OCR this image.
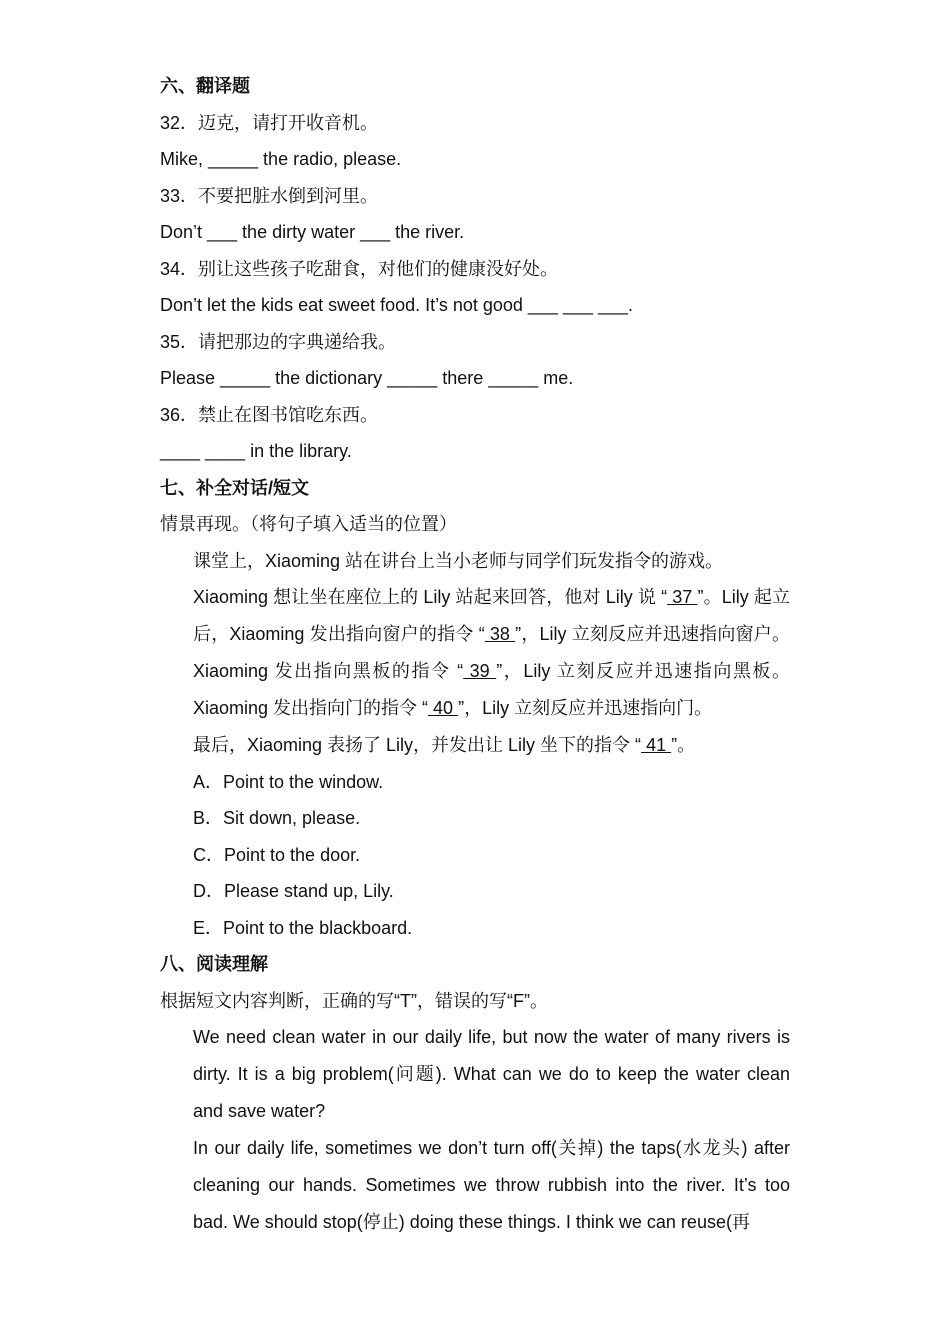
六、翻译题
32．迈克，请打开收音机。
Mike, _____ the radio, please.
33．不要把脏水倒到河里。
Don’t ___ the dirty water ___ the river.
34．别让这些孩子吃甜食，对他们的健康没好处。
Don’t let the kids eat sweet food. It’s not good ___ ___ ___.
35．请把那边的字典递给我。
Please _____ the dictionary _____ there _____ me.
36．禁止在图书馆吃东西。
____ ____ in the library.
七、补全对话/短文
情景再现。（将句子填入适当的位置）
课堂上，Xiaoming 站在讲台上当小老师与同学们玩发指令的游戏。
Xiaoming 想让坐在座位上的 Lily 站起来回答，他对 Lily 说 “ 37 ”。Lily 起立后，Xiaoming 发出指向窗户的指令 “ 38 ”，Lily 立刻反应并迅速指向窗户。Xiaoming 发出指向黑板的指令 “ 39 ”，Lily 立刻反应并迅速指向黑板。Xiaoming 发出指向门的指令 “ 40 ”，Lily 立刻反应并迅速指向门。
最后，Xiaoming 表扬了 Lily，并发出让 Lily 坐下的指令 “ 41 ”。
A．Point to the window.
B．Sit down, please.
C．Point to the door.
D．Please stand up, Lily.
E．Point to the blackboard.
八、阅读理解
根据短文内容判断，正确的写“T”，错误的写“F”。
We need clean water in our daily life, but now the water of many rivers is dirty. It is a big problem(问题). What can we do to keep the water clean and save water?
In our daily life, sometimes we don’t turn off(关掉) the taps(水龙头) after cleaning our hands. Sometimes we throw rubbish into the river. It’s too bad. We should stop(停止) doing these things. I think we can reuse(再
